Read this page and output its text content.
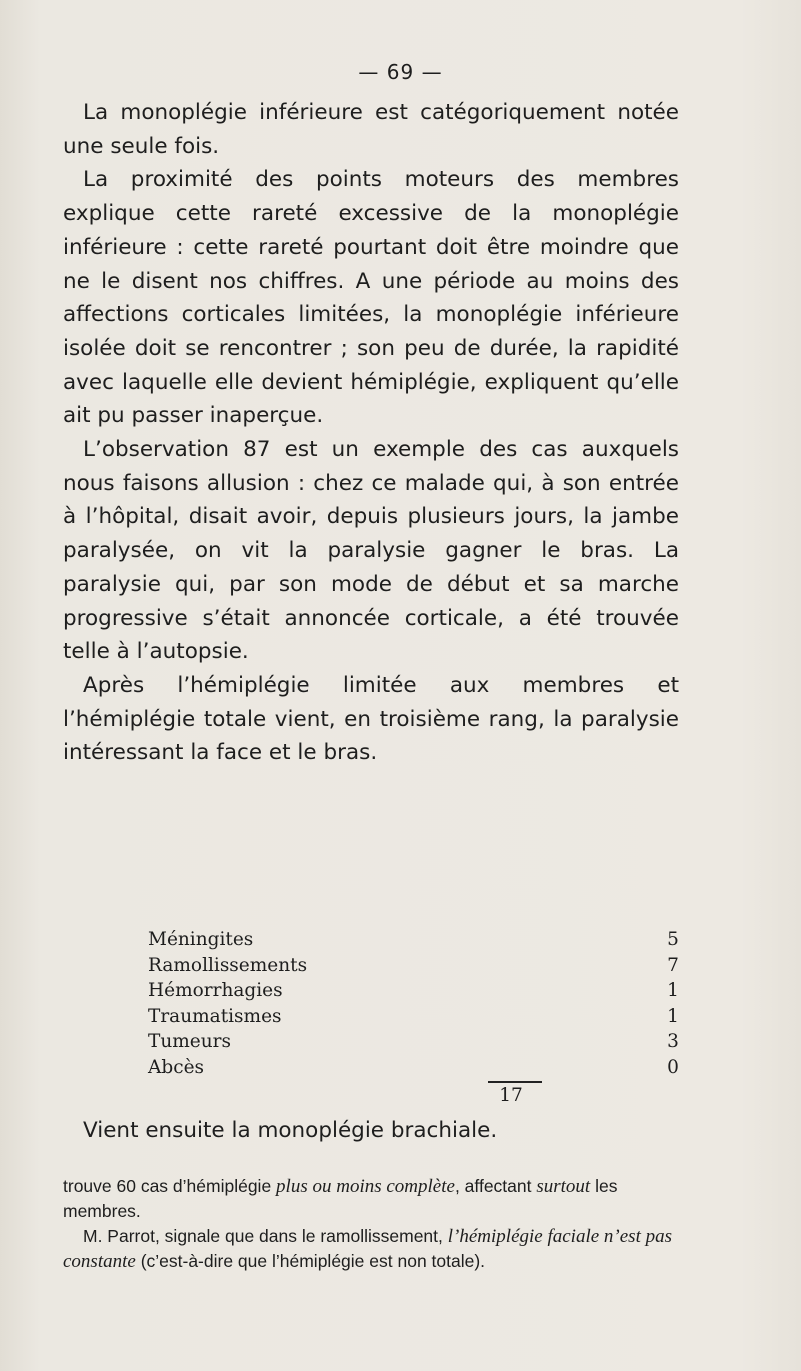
— 69 —

La monoplégie inférieure est catégoriquement notée une seule fois.

La proximité des points moteurs des membres explique cette rareté excessive de la monoplégie inférieure : cette rareté pourtant doit être moindre que ne le disent nos chiffres. A une période au moins des affections corticales limitées, la monoplégie inférieure isolée doit se rencontrer ; son peu de durée, la rapidité avec laquelle elle devient hémiplégie, expliquent qu’elle ait pu passer inaperçue.

L’observation 87 est un exemple des cas auxquels nous faisons allusion : chez ce malade qui, à son entrée à l’hôpital, disait avoir, depuis plusieurs jours, la jambe paralysée, on vit la paralysie gagner le bras. La paralysie qui, par son mode de début et sa marche progressive s’était annoncée corticale, a été trouvée telle à l’autopsie.

Après l’hémiplégie limitée aux membres et l’hémiplégie totale vient, en troisième rang, la paralysie intéressant la face et le bras.

Méningites	5
Ramollissements	7
Hémorrhagies	1
Traumatismes	1
Tumeurs	3
Abcès	0
17
Vient ensuite la monoplégie brachiale.

trouve 60 cas d’hémiplégie plus ou moins complète, affectant surtout les membres.

M. Parrot, signale que dans le ramollissement, l’hémiplégie faciale n’est pas constante (c’est-à-dire que l’hémiplégie est non totale).
